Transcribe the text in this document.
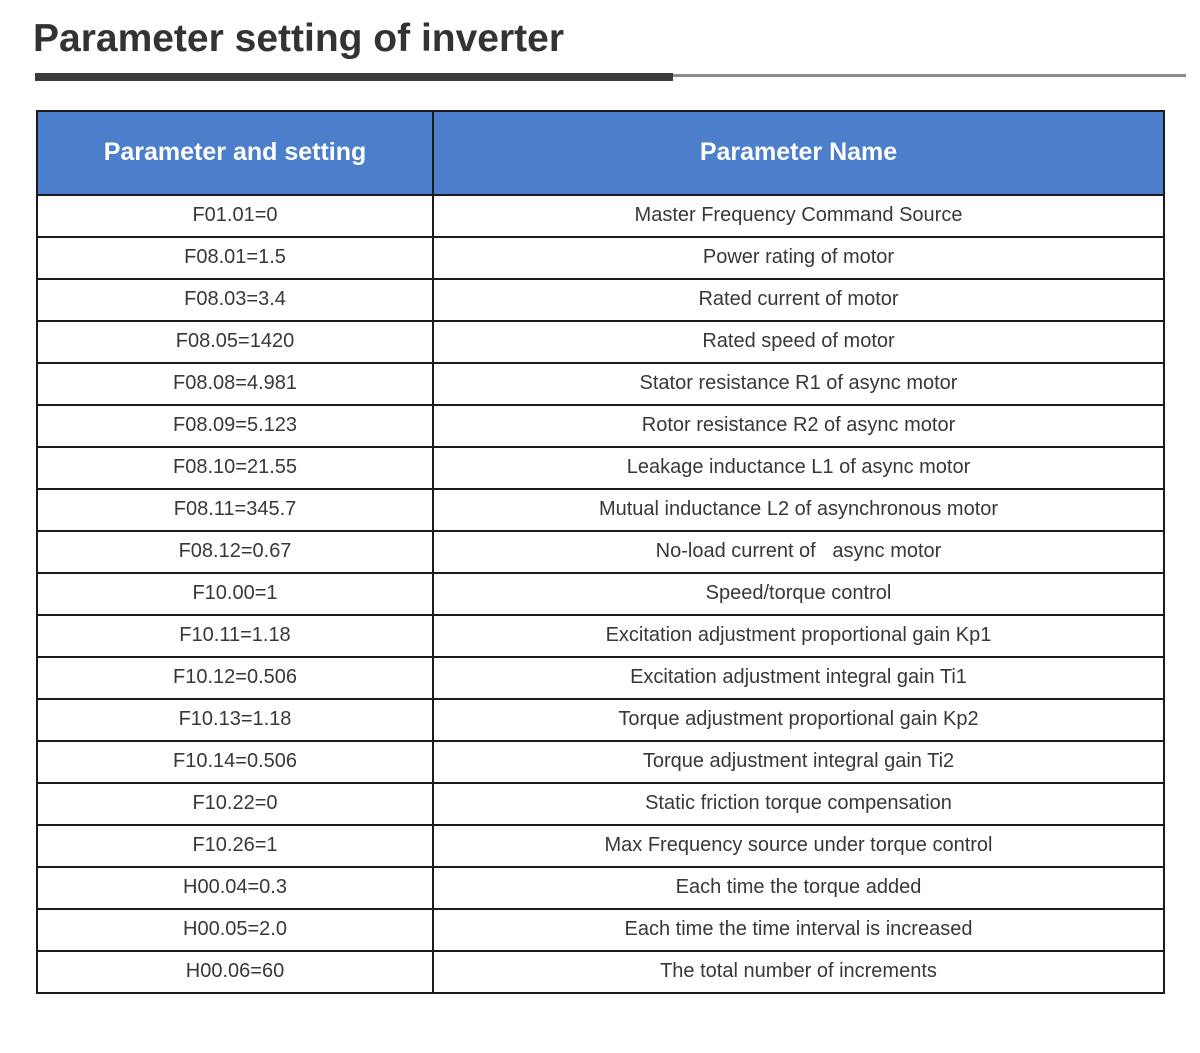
Parameter setting of inverter
Parameter and setting	Parameter Name
F01.01=0	Master Frequency Command Source
F08.01=1.5	Power rating of motor
F08.03=3.4	Rated current of motor
F08.05=1420	Rated speed of motor
F08.08=4.981	Stator resistance R1 of async motor
F08.09=5.123	Rotor resistance R2 of async motor
F08.10=21.55	Leakage inductance L1 of async motor
F08.11=345.7	Mutual inductance L2 of asynchronous motor
F08.12=0.67	No-load current of   async motor
F10.00=1	Speed/torque control
F10.11=1.18	Excitation adjustment proportional gain Kp1
F10.12=0.506	Excitation adjustment integral gain Ti1
F10.13=1.18	Torque adjustment proportional gain Kp2
F10.14=0.506	Torque adjustment integral gain Ti2
F10.22=0	Static friction torque compensation
F10.26=1	Max Frequency source under torque control
H00.04=0.3	Each time the torque added
H00.05=2.0	Each time the time interval is increased
H00.06=60	The total number of increments
